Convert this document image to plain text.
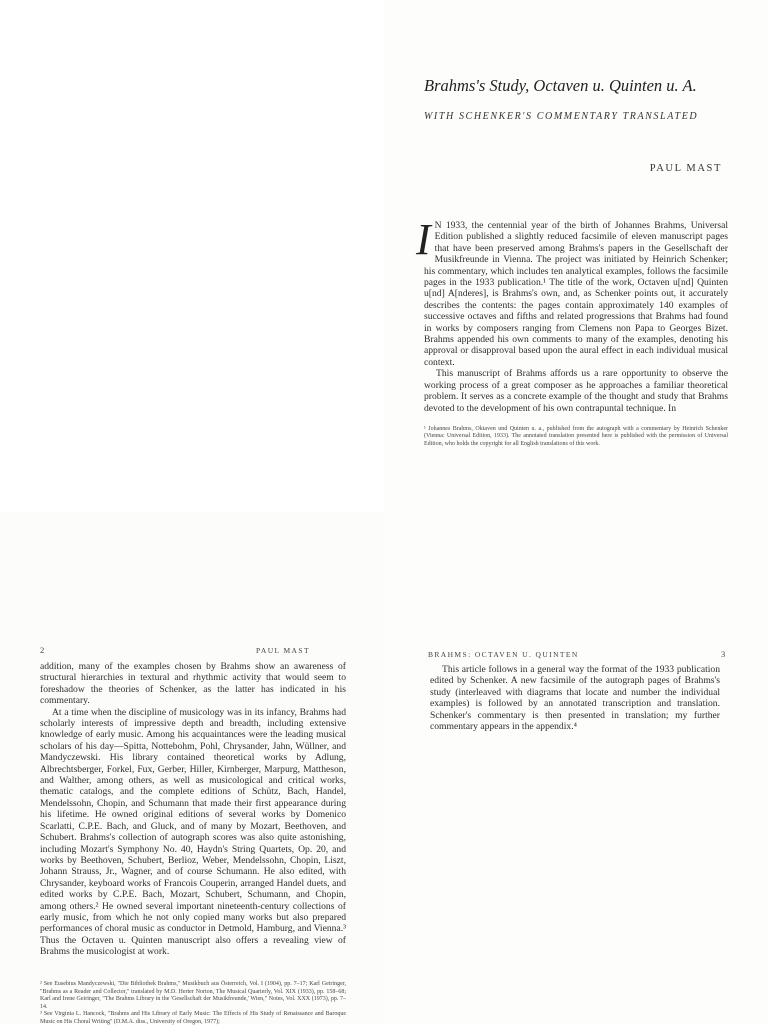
Brahms's Study, Octaven u. Quinten u. A.
WITH SCHENKER'S COMMENTARY TRANSLATED
PAUL MAST

I N 1933, the centennial year of the birth of Johannes Brahms, Universal Edition published a slightly reduced facsimile of eleven manuscript pages that have been preserved among Brahms's papers in the Gesellschaft der Musikfreunde in Vienna. The project was initiated by Heinrich Schenker; his commentary, which includes ten analytical examples, follows the facsimile pages in the 1933 publication.¹ The title of the work, Octaven u[nd] Quinten u[nd] A[nderes], is Brahms's own, and, as Schenker points out, it accurately describes the contents: the pages contain approximately 140 examples of successive octaves and fifths and related progressions that Brahms had found in works by composers ranging from Clemens non Papa to Georges Bizet. Brahms appended his own comments to many of the examples, denoting his approval or disapproval based upon the aural effect in each individual musical context.

This manuscript of Brahms affords us a rare opportunity to observe the working process of a great composer as he approaches a familiar theoretical problem. It serves as a concrete example of the thought and study that Brahms devoted to the development of his own contrapuntal technique. In

¹ Johannes Brahms, Oktaven und Quinten u. a., published from the autograph with a commentary by Heinrich Schenker (Vienna: Universal Edition, 1933). The annotated translation presented here is published with the permission of Universal Edition, who holds the copyright for all English translations of this work.

2	PAUL MAST

addition, many of the examples chosen by Brahms show an awareness of structural hierarchies in textural and rhythmic activity that would seem to foreshadow the theories of Schenker, as the latter has indicated in his commentary.

At a time when the discipline of musicology was in its infancy, Brahms had scholarly interests of impressive depth and breadth, including extensive knowledge of early music. Among his acquaintances were the leading musical scholars of his day—Spitta, Nottebohm, Pohl, Chrysander, Jahn, Wüllner, and Mandyczewski. His library contained theoretical works by Adlung, Albrechtsberger, Forkel, Fux, Gerber, Hiller, Kirnberger, Marpurg, Mattheson, and Walther, among others, as well as musicological and critical works, thematic catalogs, and the complete editions of Schütz, Bach, Handel, Mendelssohn, Chopin, and Schumann that made their first appearance during his lifetime. He owned original editions of several works by Domenico Scarlatti, C.P.E. Bach, and Gluck, and of many by Mozart, Beethoven, and Schubert. Brahms's collection of autograph scores was also quite astonishing, including Mozart's Symphony No. 40, Haydn's String Quartets, Op. 20, and works by Beethoven, Schubert, Berlioz, Weber, Mendelssohn, Chopin, Liszt, Johann Strauss, Jr., Wagner, and of course Schumann. He also edited, with Chrysander, keyboard works of Francois Couperin, arranged Handel duets, and edited works by C.P.E. Bach, Mozart, Schubert, Schumann, and Chopin, among others.² He owned several important nineteenth-century collections of early music, from which he not only copied many works but also prepared performances of choral music as conductor in Detmold, Hamburg, and Vienna.³ Thus the Octaven u. Quinten manuscript also offers a revealing view of Brahms the musicologist at work.

² See Eusebius Mandyczewski, "Die Bibliothek Brahms," Musikbuch aus Österreich, Vol. I (1904), pp. 7–17; Karl Geiringer, "Brahms as a Reader and Collector," translated by M.D. Herter Norton, The Musical Quarterly, Vol. XIX (1933), pp. 158–68; Karl and Irene Geiringer, "The Brahms Library in the 'Gesellschaft der Musikfreunde,' Wien," Notes, Vol. XXX (1973), pp. 7–14.

³ See Virginia L. Hancock, "Brahms and His Library of Early Music: The Effects of His Study of Renaissance and Baroque Music on His Choral Writing" (D.M.A. diss., University of Oregon, 1977);

BRAHMS: OCTAVEN U. QUINTEN	3

This article follows in a general way the format of the 1933 publication edited by Schenker. A new facsimile of the autograph pages of Brahms's study (interleaved with diagrams that locate and number the individual examples) is followed by an annotated transcription and translation. Schenker's commentary is then presented in translation; my further commentary appears in the appendix.⁴
